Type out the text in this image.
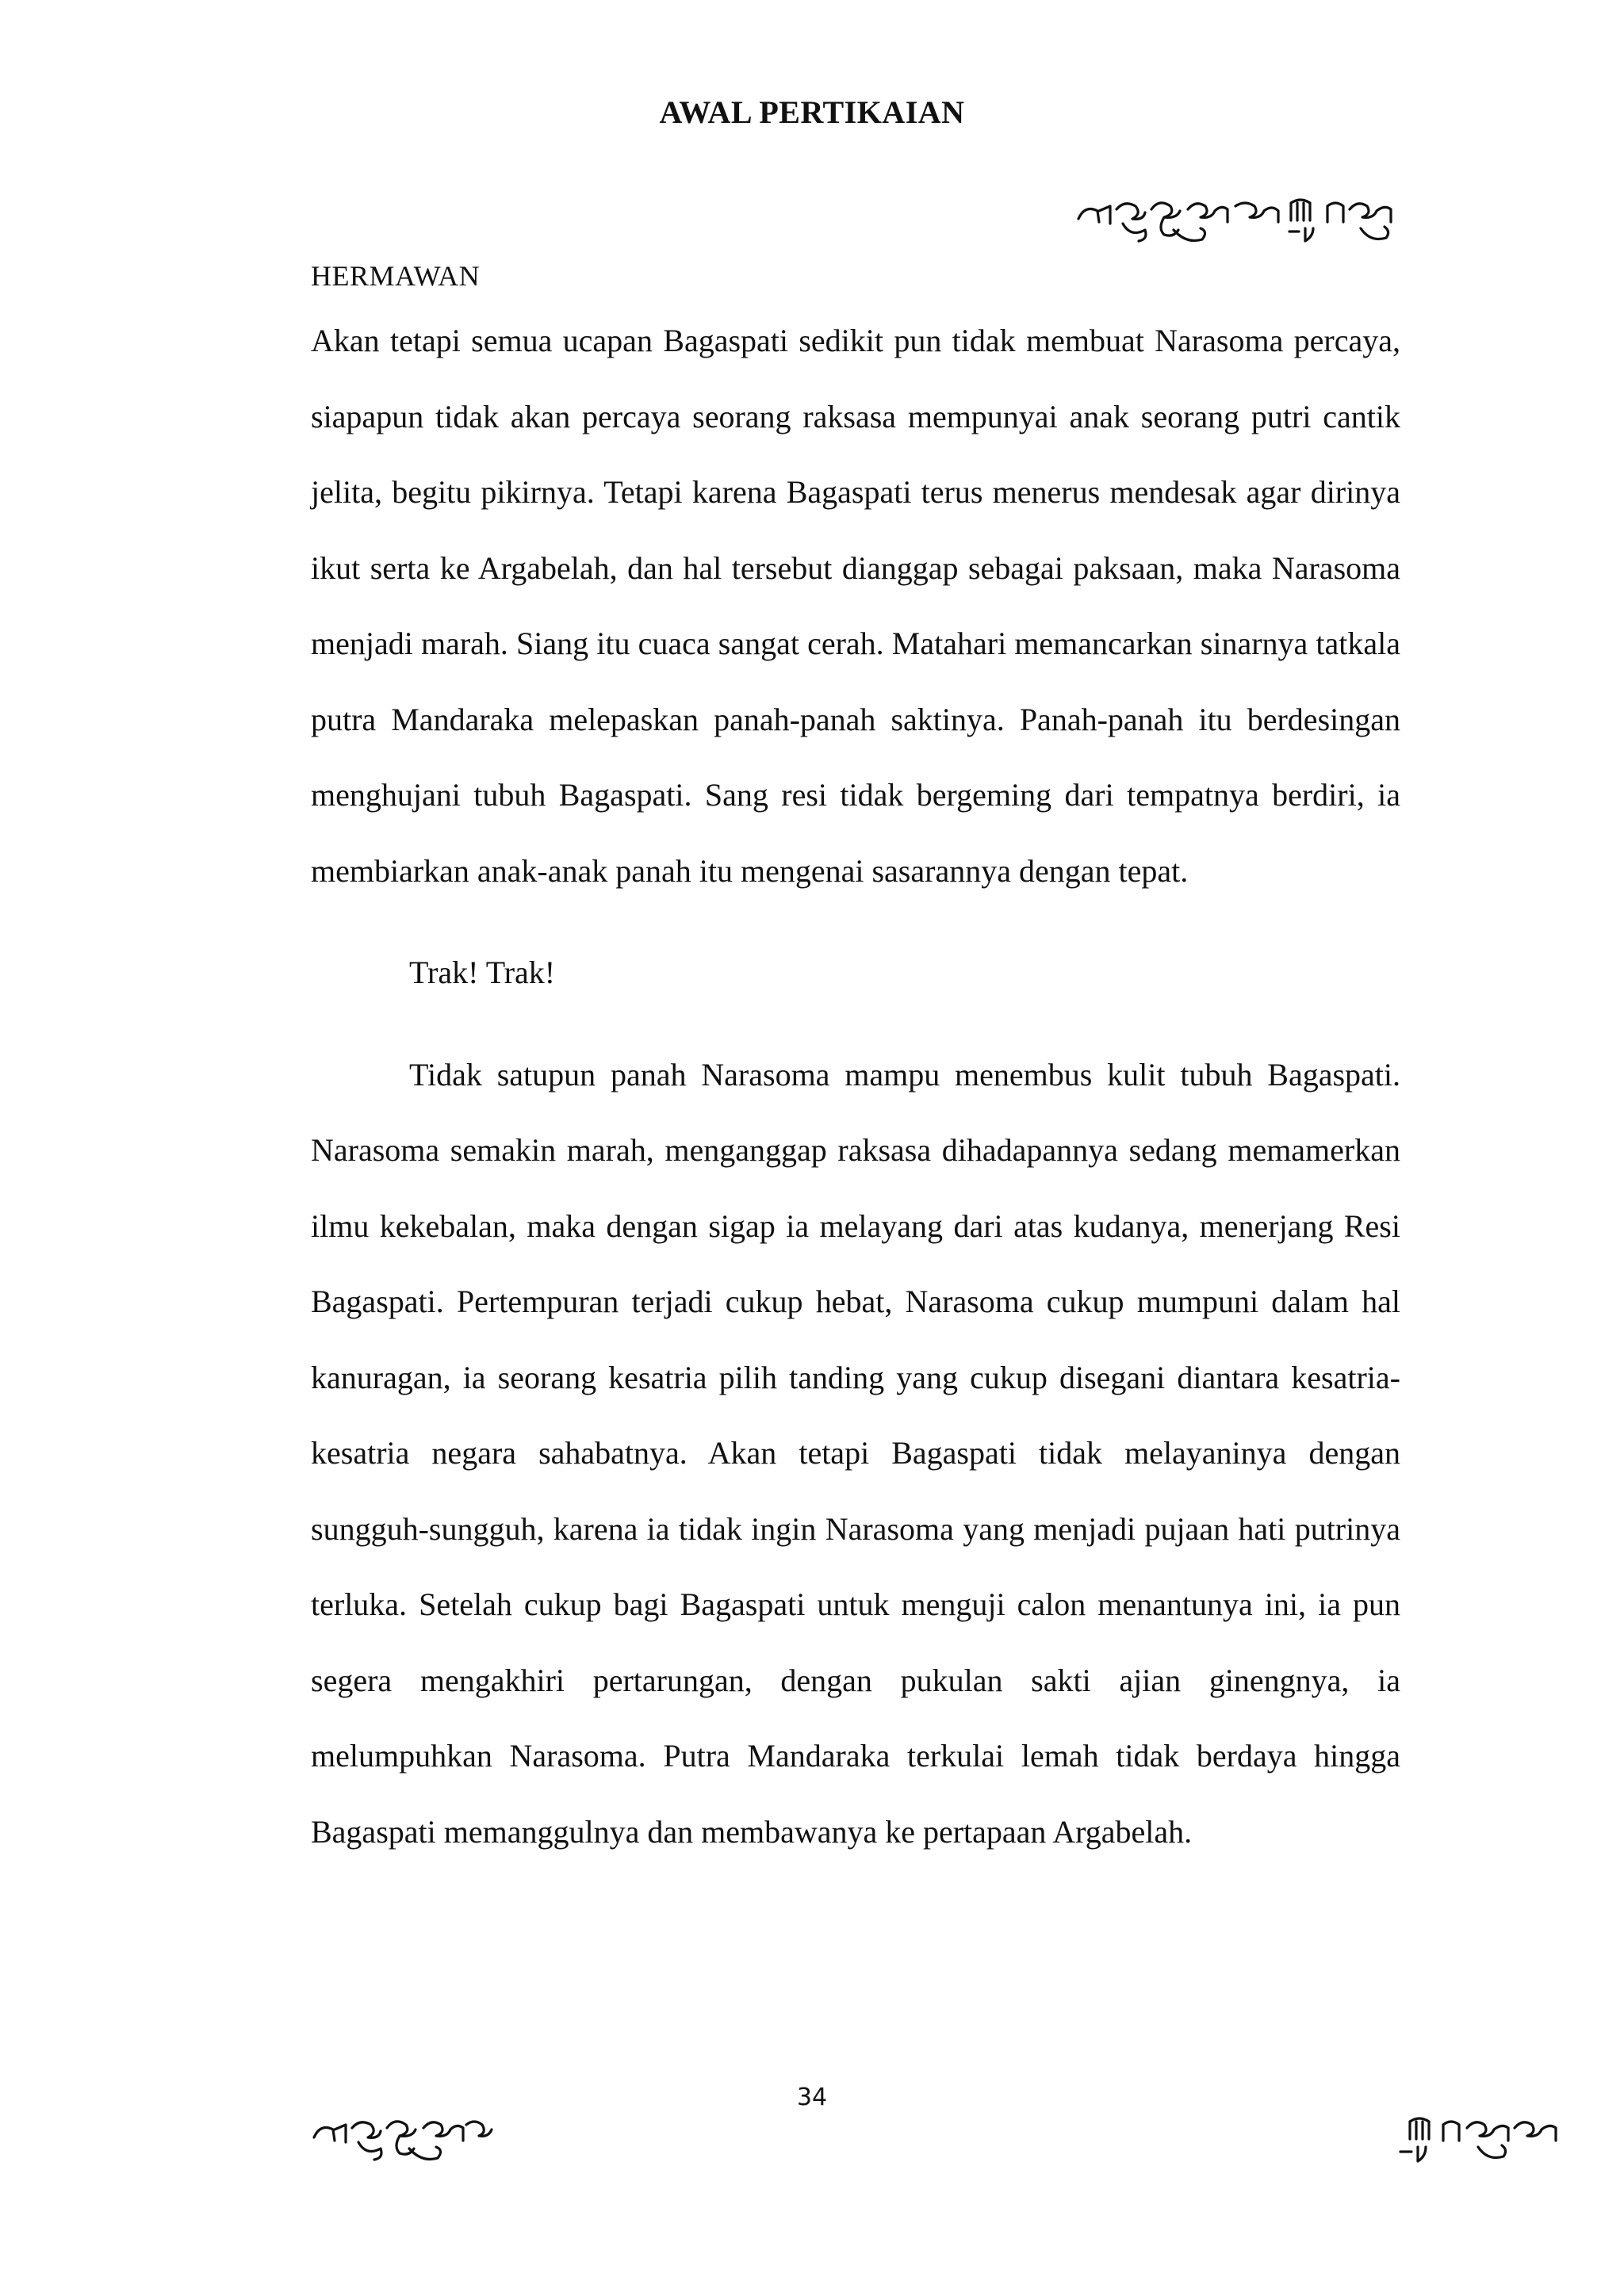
AWAL PERTIKAIAN
HERMAWAN

Akan tetapi semua ucapan Bagaspati sedikit pun tidak membuat Narasoma percaya, siapapun tidak akan percaya seorang raksasa mempunyai anak seorang putri cantik jelita, begitu pikirnya. Tetapi karena Bagaspati terus menerus mendesak agar dirinya ikut serta ke Argabelah, dan hal tersebut dianggap sebagai paksaan, maka Narasoma menjadi marah. Siang itu cuaca sangat cerah. Matahari memancarkan sinarnya tatkala putra Mandaraka melepaskan panah-panah saktinya. Panah-panah itu berdesingan menghujani tubuh Bagaspati. Sang resi tidak bergeming dari tempatnya berdiri, ia membiarkan anak-anak panah itu mengenai sasarannya dengan tepat.

Trak! Trak!

Tidak satupun panah Narasoma mampu menembus kulit tubuh Bagaspati. Narasoma semakin marah, menganggap raksasa dihadapannya sedang memamerkan ilmu kekebalan, maka dengan sigap ia melayang dari atas kudanya, menerjang Resi Bagaspati. Pertempuran terjadi cukup hebat, Narasoma cukup mumpuni dalam hal kanuragan, ia seorang kesatria pilih tanding yang cukup disegani diantara kesatria-kesatria negara sahabatnya. Akan tetapi Bagaspati tidak melayaninya dengan sungguh-sungguh, karena ia tidak ingin Narasoma yang menjadi pujaan hati putrinya terluka. Setelah cukup bagi Bagaspati untuk menguji calon menantunya ini, ia pun segera mengakhiri pertarungan, dengan pukulan sakti ajian ginengnya, ia melumpuhkan Narasoma. Putra Mandaraka terkulai lemah tidak berdaya hingga Bagaspati memanggulnya dan membawanya ke pertapaan Argabelah.

34
